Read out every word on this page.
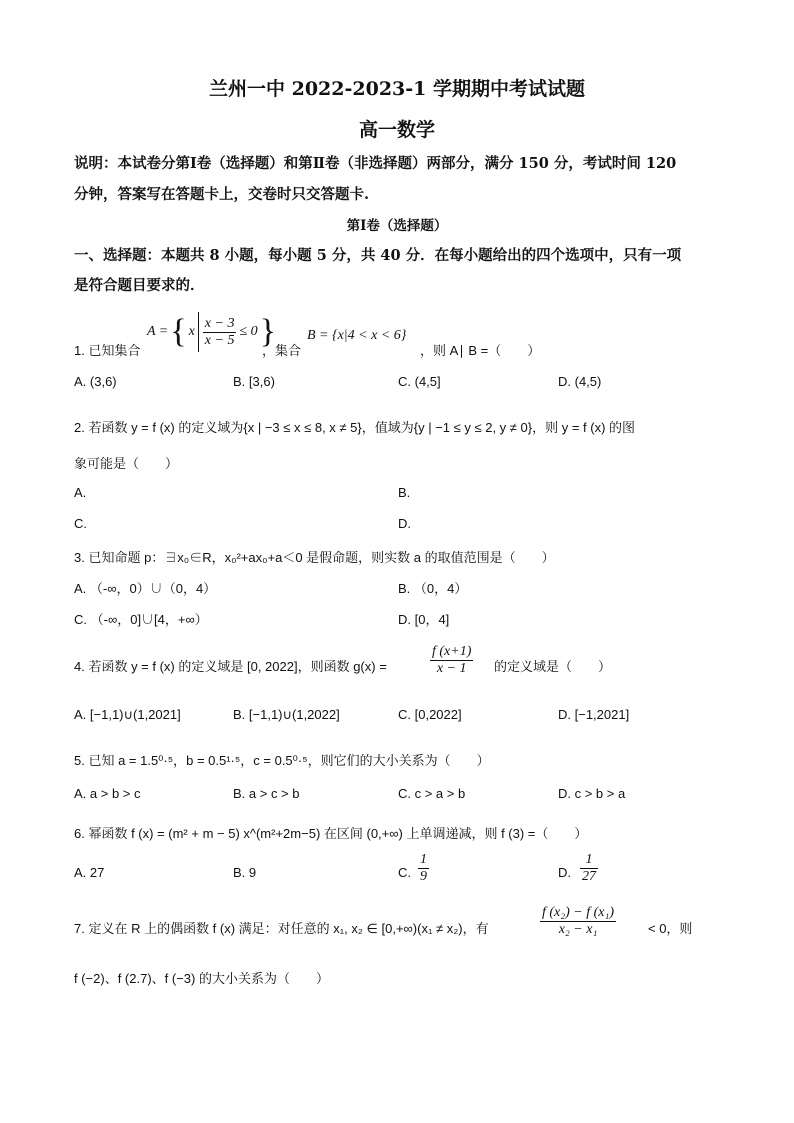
兰州一中 2022-2023-1 学期期中考试试题
高一数学
说明：本试卷分第Ⅰ卷（选择题）和第Ⅱ卷（非选择题）两部分，满分 150 分，考试时间 120
分钟，答案写在答题卡上，交卷时只交答题卡.
第Ⅰ卷（选择题）
一、选择题：本题共 8 小题，每小题 5 分，共 40 分．在每小题给出的四个选项中，只有一项
是符合题目要求的．
1. 已知集合
A = { x $\frac{x - 3}{x - 5} \le 0$ }
，集合
B = {x|4 < x < 6}
，则 A∣ B =（　　）
A. (3,6)	B. [3,6)	C. (4,5]	D. (4,5)
2. 若函数 y = f (x) 的定义域为{x | −3 ≤ x ≤ 8, x ≠ 5}，值域为{y | −1 ≤ y ≤ 2, y ≠ 0}，则 y = f (x) 的图
象可能是（　　）
A.	B.
C.	D.
3. 已知命题 p：∃x₀∈R，x₀²+ax₀+a＜0 是假命题，则实数 a 的取值范围是（　　）
A. （-∞，0）∪（0，4）	B. （0，4）
C. （-∞，0]∪[4，+∞）	D. [0，4]
4. 若函数 y = f (x) 的定义域是 [0, 2022]，则函数 g(x) =	$\frac{f (x+1)}{x - 1}$ 的定义域是（　　）
A. [−1,1)∪(1,2021]	B. [−1,1)∪(1,2022]	C. [0,2022]	D. [−1,2021]
5. 已知 a = 1.5⁰·⁵，b = 0.5¹·⁵，c = 0.5⁰·⁵，则它们的大小关系为（　　）
A. a > b > c	B. a > c > b	C. c > a > b	D. c > b > a
6. 幂函数 f (x) = (m² + m − 5) x^(m²+2m−5) 在区间 (0,+∞) 上单调递减，则 f (3) =（　　）
A. 27	B. 9	C. $\frac{1}{9}$	D. $\frac{1}{27}$
7. 定义在 R 上的偶函数 f (x) 满足：对任意的 x₁, x₂ ∈ [0,+∞)(x₁ ≠ x₂)，有	$\frac{\text{f (x₂) − f (x₁)}}{\text{x₂ − x₁}} < 0$，则
f (−2)、f (2.7)、f (−3) 的大小关系为（　　）
